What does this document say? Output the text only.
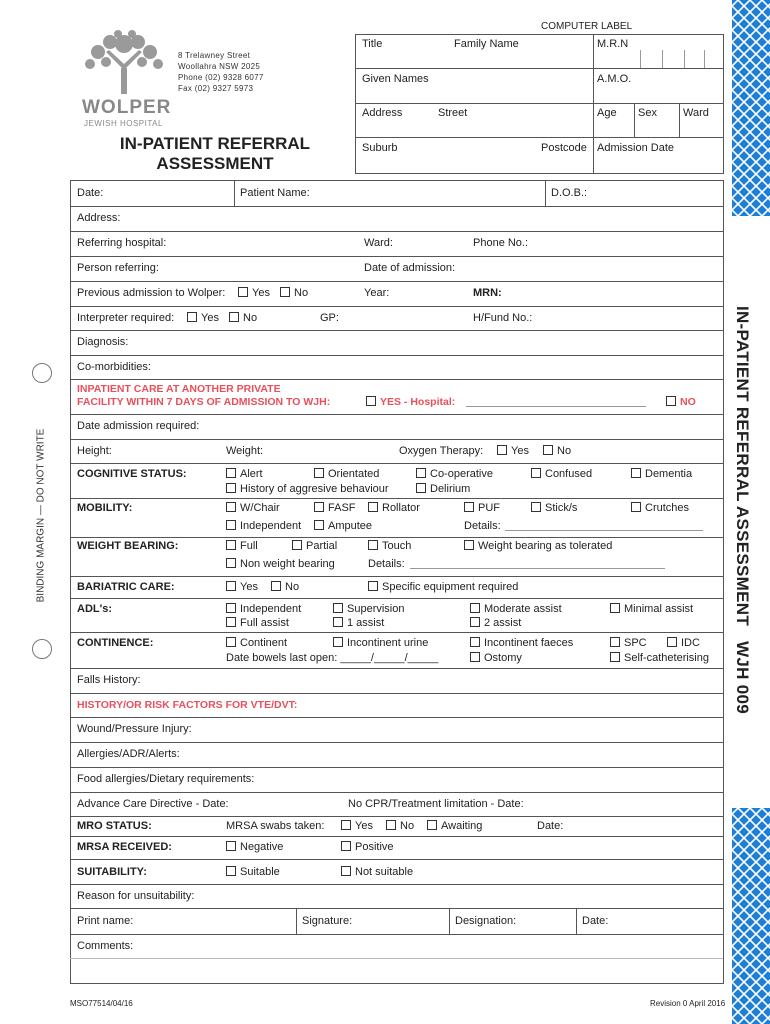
WOLPER
JEWISH HOSPITAL
8 Trelawney Street
Woollahra NSW 2025
Phone (02) 9328 6077
Fax (02) 9327 5973
IN-PATIENT REFERRAL
ASSESSMENT
COMPUTER LABEL
Title	Family Name	M.R.N
Given Names	A.M.O.
Address	Street	Age Sex Ward
Suburb	Postcode Admission Date
Date:	Patient Name:	D.O.B.:
Address:
Referring hospital:	Ward:	Phone No.:
Person referring:	Date of admission:
Previous admission to Wolper:	Yes	No	Year:	MRN:
Interpreter required:	Yes	No	GP:	H/Fund No.:
Diagnosis:
Co-morbidities:
INPATIENT CARE AT ANOTHER PRIVATE
FACILITY WITHIN 7 DAYS OF ADMISSION TO WJH:	YES - Hospital:	NO
Date admission required:
Height:	Weight:	Oxygen Therapy:	Yes	No
COGNITIVE STATUS:	Alert	Orientated	Co-operative	Confused	Dementia
History of aggresive behaviour	Delirium
MOBILITY:	W/Chair	FASF	Rollator	PUF	Stick/s	Crutches
Independent	Amputee	Details:
WEIGHT BEARING:	Full	Partial	Touch	Weight bearing as tolerated
Non weight bearing	Details:
BARIATRIC CARE:	Yes	No	Specific equipment required
ADL's:	Independent	Supervision	Moderate assist	Minimal assist
Full assist	1 assist	2 assist
CONTINENCE:	Continent	Incontinent urine	Incontinent faeces	SPC	IDC
Date bowels last open: _____/_____/_____	Ostomy	Self-catheterising
Falls History:
HISTORY/OR RISK FACTORS FOR VTE/DVT:
Wound/Pressure Injury:
Allergies/ADR/Alerts:
Food allergies/Dietary requirements:
Advance Care Directive - Date:	No CPR/Treatment limitation - Date:
MRO STATUS:	MRSA swabs taken:	Yes	No	Awaiting	Date:
MRSA RECEIVED:	Negative	Positive
SUITABILITY:	Suitable	Not suitable
Reason for unsuitability:
Print name:	Signature:	Designation:	Date:
Comments:
MSO77514/04/16	Revision 0 April 2016
BINDING MARGIN — DO NOT WRITE	IN-PATIENT REFERRAL ASSESSMENT   WJH 009
